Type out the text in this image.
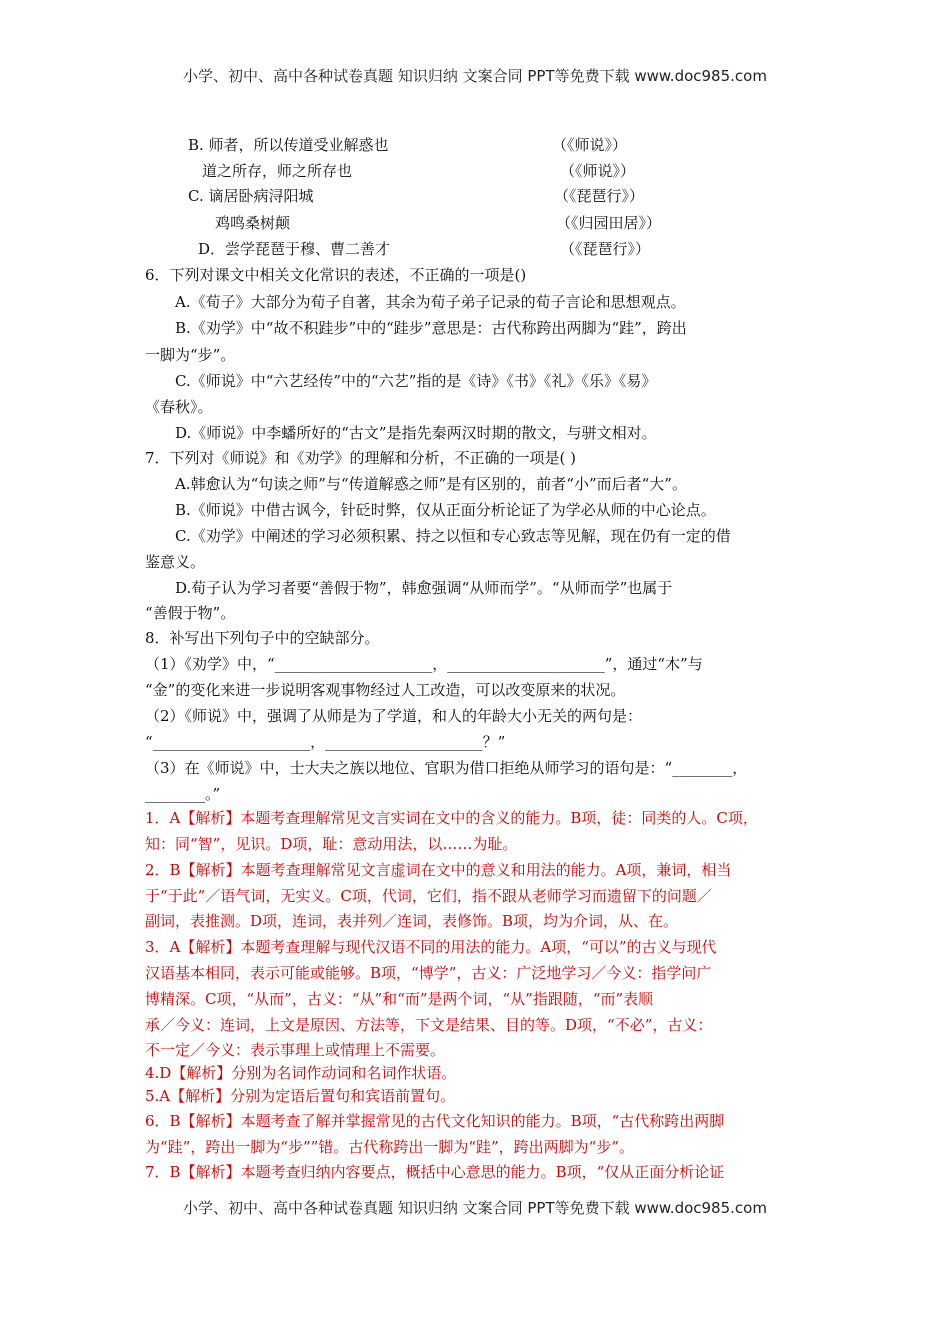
小学、初中、高中各种试卷真题 知识归纳 文案合同 PPT等免费下载 www.doc985.com
B. 师者，所以传道受业解惑也	（《师说》）
道之所存，师之所存也	（《师说》）
C. 谪居卧病浔阳城	（《琵琶行》）
鸡鸣桑树颠	（《归园田居》）
D．尝学琵琶于穆、曹二善才	（《琵琶行》）
6．下列对课文中相关文化常识的表述，不正确的一项是()
A.《荀子》大部分为荀子自著，其余为荀子弟子记录的荀子言论和思想观点。
B.《劝学》中“故不积跬步”中的“跬步”意思是：古代称跨出两脚为“跬”，跨出
一脚为“步”。
C.《师说》中“六艺经传”中的“六艺”指的是《诗》《书》《礼》《乐》《易》
《春秋》。
D.《师说》中李蟠所好的“古文”是指先秦两汉时期的散文，与骈文相对。
7．下列对《师说》和《劝学》的理解和分析，不正确的一项是( )
A.韩愈认为“句读之师”与“传道解惑之师”是有区别的，前者“小”而后者“大”。
B.《师说》中借古讽今，针砭时弊，仅从正面分析论证了为学必从师的中心论点。
C.《劝学》中阐述的学习必须积累、持之以恒和专心致志等见解，现在仍有一定的借
鉴意义。
D.荀子认为学习者要“善假于物”，韩愈强调“从师而学”。“从师而学”也属于
“善假于物”。
8．补写出下列句子中的空缺部分。
（1）《劝学》中，“_____________________，_____________________”，通过“木”与
“金”的变化来进一步说明客观事物经过人工改造，可以改变原来的状况。
（2）《师说》中，强调了从师是为了学道，和人的年龄大小无关的两句是：
“_____________________，_____________________？”
（3）在《师说》中，士大夫之族以地位、官职为借口拒绝从师学习的语句是：“________，
________。”
1．A【解析】本题考查理解常见文言实词在文中的含义的能力。B项，徒：同类的人。C项，
知：同“智”，见识。D项，耻：意动用法，以……为耻。
2．B【解析】本题考查理解常见文言虚词在文中的意义和用法的能力。A项，兼词，相当
于“于此”／语气词，无实义。C项，代词，它们，指不跟从老师学习而遗留下的问题／
副词，表推测。D项，连词，表并列／连词，表修饰。B项，均为介词，从、在。
3．A【解析】本题考查理解与现代汉语不同的用法的能力。A项，“可以”的古义与现代
汉语基本相同，表示可能或能够。B项，“博学”，古义：广泛地学习／今义：指学问广
博精深。C项，“从而”，古义：“从”和“而”是两个词，“从”指跟随，“而”表顺
承／今义：连词，上文是原因、方法等，下文是结果、目的等。D项，“不必”，古义：
不一定／今义：表示事理上或情理上不需要。
4.D【解析】分别为名词作动词和名词作状语。
5.A【解析】分别为定语后置句和宾语前置句。
6．B【解析】本题考查了解并掌握常见的古代文化知识的能力。B项，“古代称跨出两脚
为“跬”，跨出一脚为“步””错。古代称跨出一脚为“跬”，跨出两脚为“步”。
7．B【解析】本题考查归纳内容要点，概括中心意思的能力。B项，“仅从正面分析论证
小学、初中、高中各种试卷真题 知识归纳 文案合同 PPT等免费下载 www.doc985.com
